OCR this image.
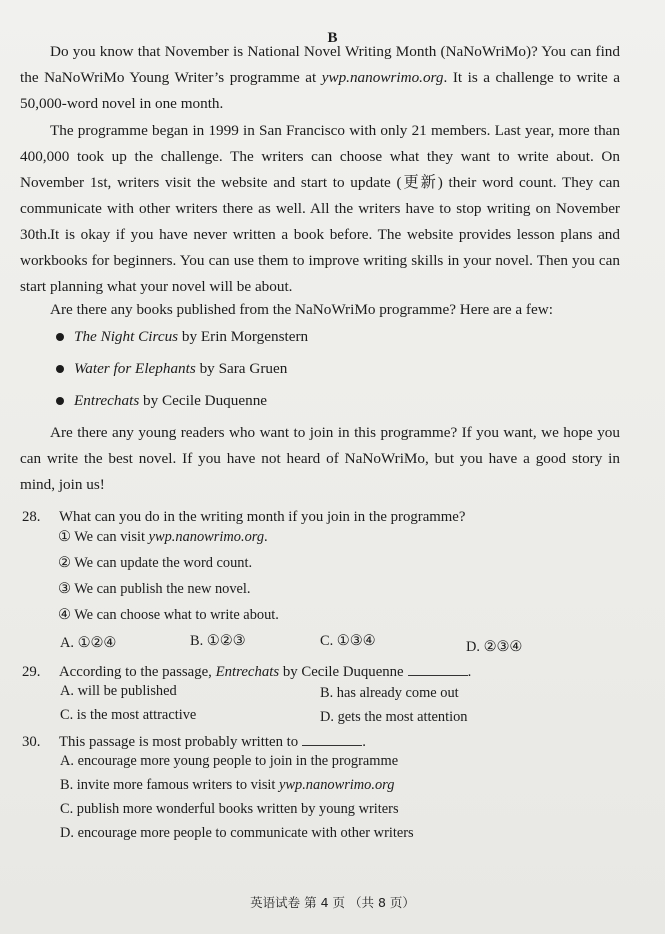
B

Do you know that November is National Novel Writing Month (NaNoWriMo)? You can find the NaNoWriMo Young Writer’s programme at ywp.nanowrimo.org. It is a challenge to write a 50,000-word novel in one month.

The programme began in 1999 in San Francisco with only 21 members. Last year, more than 400,000 took up the challenge. The writers can choose what they want to write about. On November 1st, writers visit the website and start to update (更新) their word count. They can communicate with other writers there as well. All the writers have to stop writing on November 30th. It is okay if you have never written a book before. The website provides lesson plans and workbooks for beginners. You can use them to improve writing skills in your novel. Then you can start planning what your novel will be about.

Are there any books published from the NaNoWriMo programme? Here are a few:

The Night Circus by Erin Morgenstern
Water for Elephants by Sara Gruen
Entrechats by Cecile Duquenne

Are there any young readers who want to join in this programme? If you want, we hope you can write the best novel. If you have not heard of NaNoWriMo, but you have a good story in mind, join us!

28. What can you do in the writing month if you join in the programme?
① We can visit ywp.nanowrimo.org.
② We can update the word count.
③ We can publish the new novel.
④ We can choose what to write about.
A. ①②④	B. ①②③	C. ①③④	D. ②③④
29. According to the passage, Entrechats by Cecile Duquenne	.
A. will be published	B. has already come out
C. is the most attractive	D. gets the most attention
30. This passage is most probably written to	.
A. encourage more young people to join in the programme
B. invite more famous writers to visit ywp.nanowrimo.org
C. publish more wonderful books written by young writers
D. encourage more people to communicate with other writers
英语试卷 第 4 页 （共 8 页）
